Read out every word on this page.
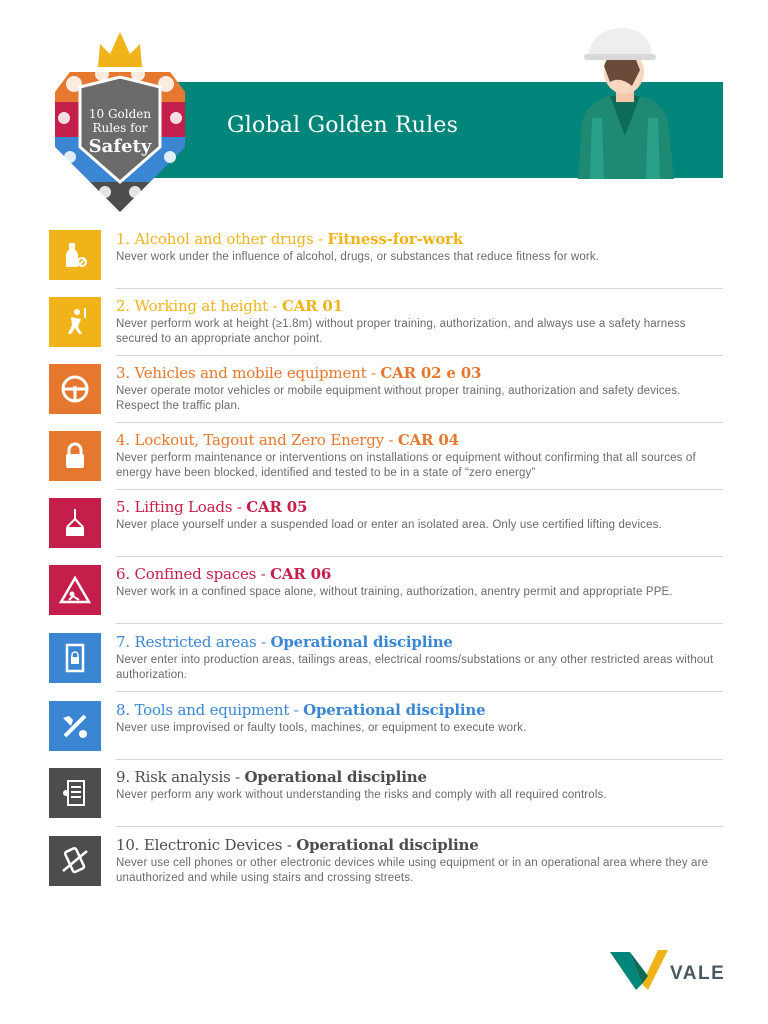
Global Golden Rules
10 Golden
Rules for
Safety
1. Alcohol and other drugs - Fitness-for-work
Never work under the influence of alcohol, drugs, or substances that reduce fitness for work.
2. Working at height - CAR 01
Never perform work at height (≥1.8m) without proper training, authorization, and always use a safety harness secured to an appropriate anchor point.
3. Vehicles and mobile equipment - CAR 02 e 03
Never operate motor vehicles or mobile equipment without proper training, authorization and safety devices. Respect the traffic plan.
4. Lockout, Tagout and Zero Energy - CAR 04
Never perform maintenance or interventions on installations or equipment without confirming that all sources of energy have been blocked, identified and tested to be in a state of “zero energy”
5. Lifting Loads - CAR 05
Never place yourself under a suspended load or enter an isolated area. Only use certified lifting devices.
6. Confined spaces - CAR 06
Never work in a confined space alone, without training, authorization, anentry permit and appropriate PPE.
7. Restricted areas - Operational discipline
Never enter into production areas, tailings areas, electrical rooms/substations or any other restricted areas without authorization.
8. Tools and equipment - Operational discipline
Never use improvised or faulty tools, machines, or equipment to execute work.
9. Risk analysis - Operational discipline
Never perform any work without understanding the risks and comply with all required controls.
10. Electronic Devices - Operational discipline
Never use cell phones or other electronic devices while using equipment or in an operational area where they are unauthorized and while using stairs and crossing streets.
VALE
